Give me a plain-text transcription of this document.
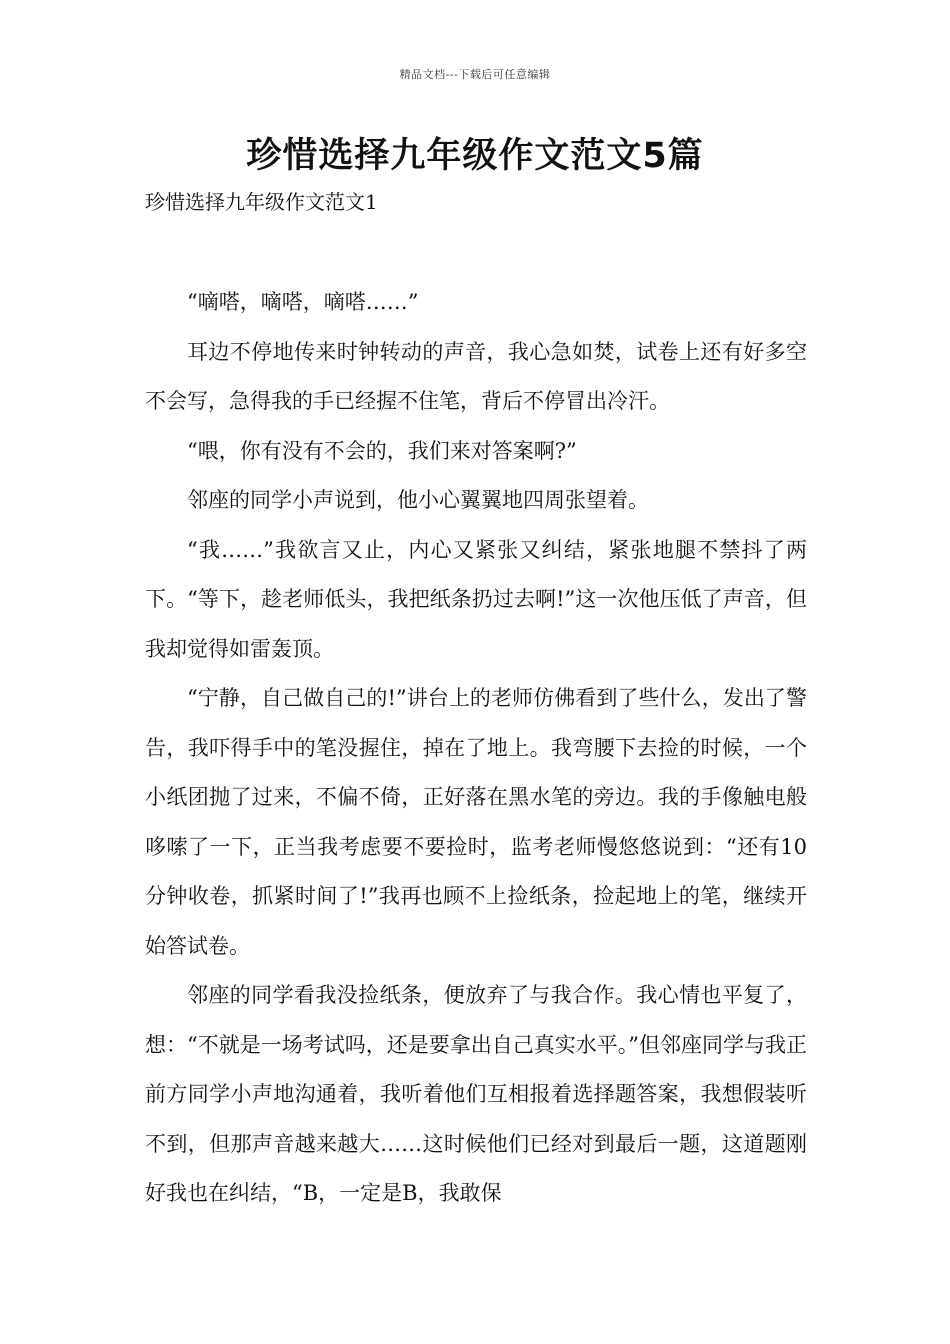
精品文档---下载后可任意编辑
珍惜选择九年级作文范文5篇

珍惜选择九年级作文范文1

“嘀嗒，嘀嗒，嘀嗒……”

耳边不停地传来时钟转动的声音，我心急如焚，试卷上还有好多空不会写，急得我的手已经握不住笔，背后不停冒出冷汗。

“喂，你有没有不会的，我们来对答案啊?”

邻座的同学小声说到，他小心翼翼地四周张望着。

“我……”我欲言又止，内心又紧张又纠结，紧张地腿不禁抖了两下。“等下，趁老师低头，我把纸条扔过去啊!”这一次他压低了声音，但我却觉得如雷轰顶。

“宁静，自己做自己的!”讲台上的老师仿佛看到了些什么，发出了警告，我吓得手中的笔没握住，掉在了地上。我弯腰下去捡的时候，一个小纸团抛了过来，不偏不倚，正好落在黑水笔的旁边。我的手像触电般哆嗦了一下，正当我考虑要不要捡时，监考老师慢悠悠说到：“还有10分钟收卷，抓紧时间了!”我再也顾不上捡纸条，捡起地上的笔，继续开始答试卷。

邻座的同学看我没捡纸条，便放弃了与我合作。我心情也平复了，想：“不就是一场考试吗，还是要拿出自己真实水平。”但邻座同学与我正前方同学小声地沟通着，我听着他们互相报着选择题答案，我想假装听不到，但那声音越来越大……这时候他们已经对到最后一题，这道题刚好我也在纠结，“B，一定是B，我敢保
